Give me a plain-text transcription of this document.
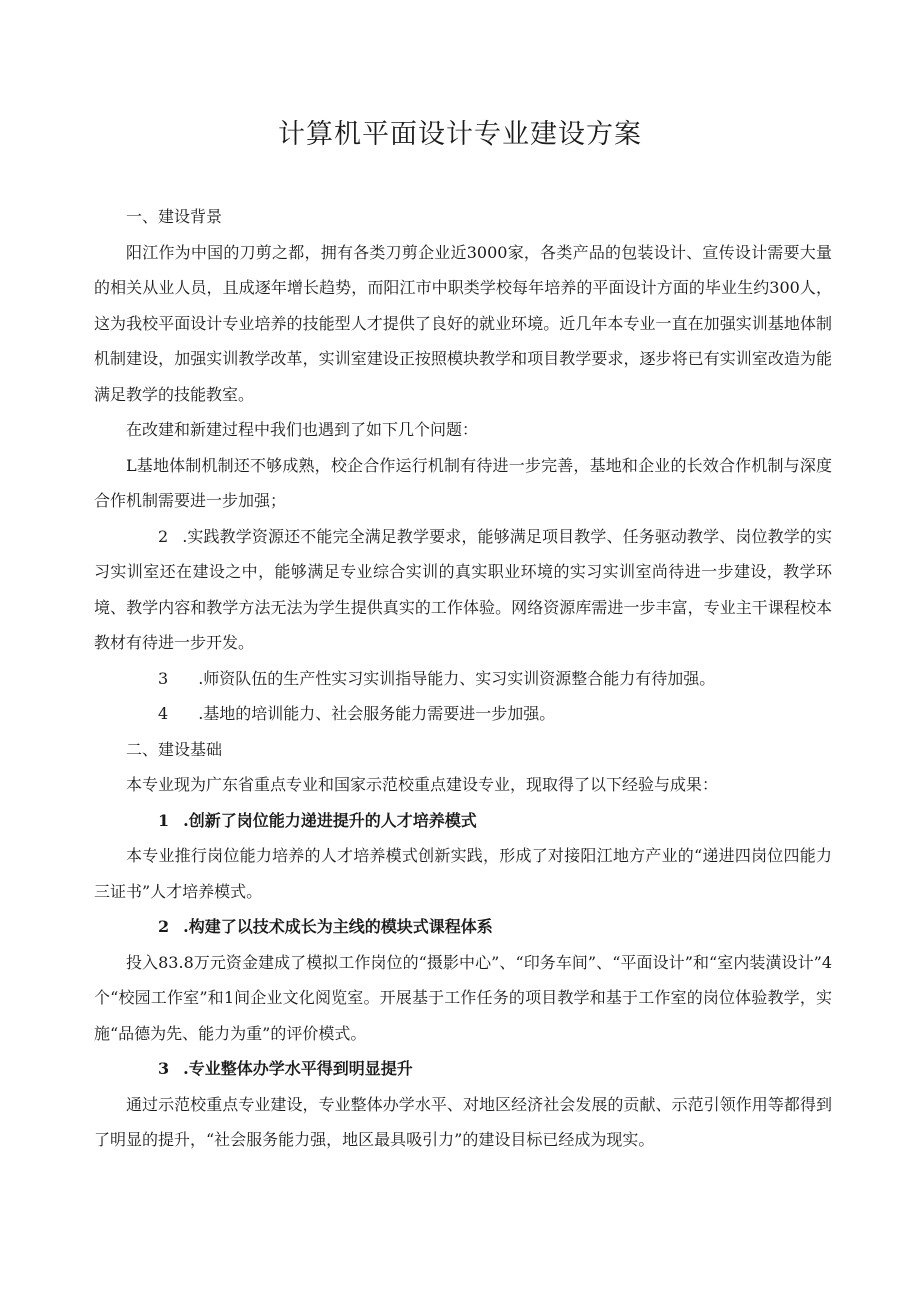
计算机平面设计专业建设方案

一、建设背景

阳江作为中国的刀剪之都，拥有各类刀剪企业近3000家，各类产品的包装设计、宣传设计需要大量的相关从业人员，且成逐年增长趋势，而阳江市中职类学校每年培养的平面设计方面的毕业生约300人，这为我校平面设计专业培养的技能型人才提供了良好的就业环境。近几年本专业一直在加强实训基地体制机制建设，加强实训教学改革，实训室建设正按照模块教学和项目教学要求，逐步将已有实训室改造为能满足教学的技能教室。

在改建和新建过程中我们也遇到了如下几个问题：

L基地体制机制还不够成熟，校企合作运行机制有待进一步完善，基地和企业的长效合作机制与深度合作机制需要进一步加强；

2 .实践教学资源还不能完全满足教学要求，能够满足项目教学、任务驱动教学、岗位教学的实习实训室还在建设之中，能够满足专业综合实训的真实职业环境的实习实训室尚待进一步建设，教学环境、教学内容和教学方法无法为学生提供真实的工作体验。网络资源库需进一步丰富，专业主干课程校本教材有待进一步开发。

3 .师资队伍的生产性实习实训指导能力、实习实训资源整合能力有待加强。

4 .基地的培训能力、社会服务能力需要进一步加强。

二、建设基础

本专业现为广东省重点专业和国家示范校重点建设专业，现取得了以下经验与成果：

1 .创新了岗位能力递进提升的人才培养模式

本专业推行岗位能力培养的人才培养模式创新实践，形成了对接阳江地方产业的“递进四岗位四能力三证书”人才培养模式。

2 .构建了以技术成长为主线的模块式课程体系

投入83.8万元资金建成了模拟工作岗位的“摄影中心”、“印务车间”、“平面设计”和“室内装潢设计”4个“校园工作室”和1间企业文化阅览室。开展基于工作任务的项目教学和基于工作室的岗位体验教学，实施“品德为先、能力为重”的评价模式。

3 .专业整体办学水平得到明显提升

通过示范校重点专业建设，专业整体办学水平、对地区经济社会发展的贡献、示范引领作用等都得到了明显的提升，“社会服务能力强，地区最具吸引力”的建设目标已经成为现实。
